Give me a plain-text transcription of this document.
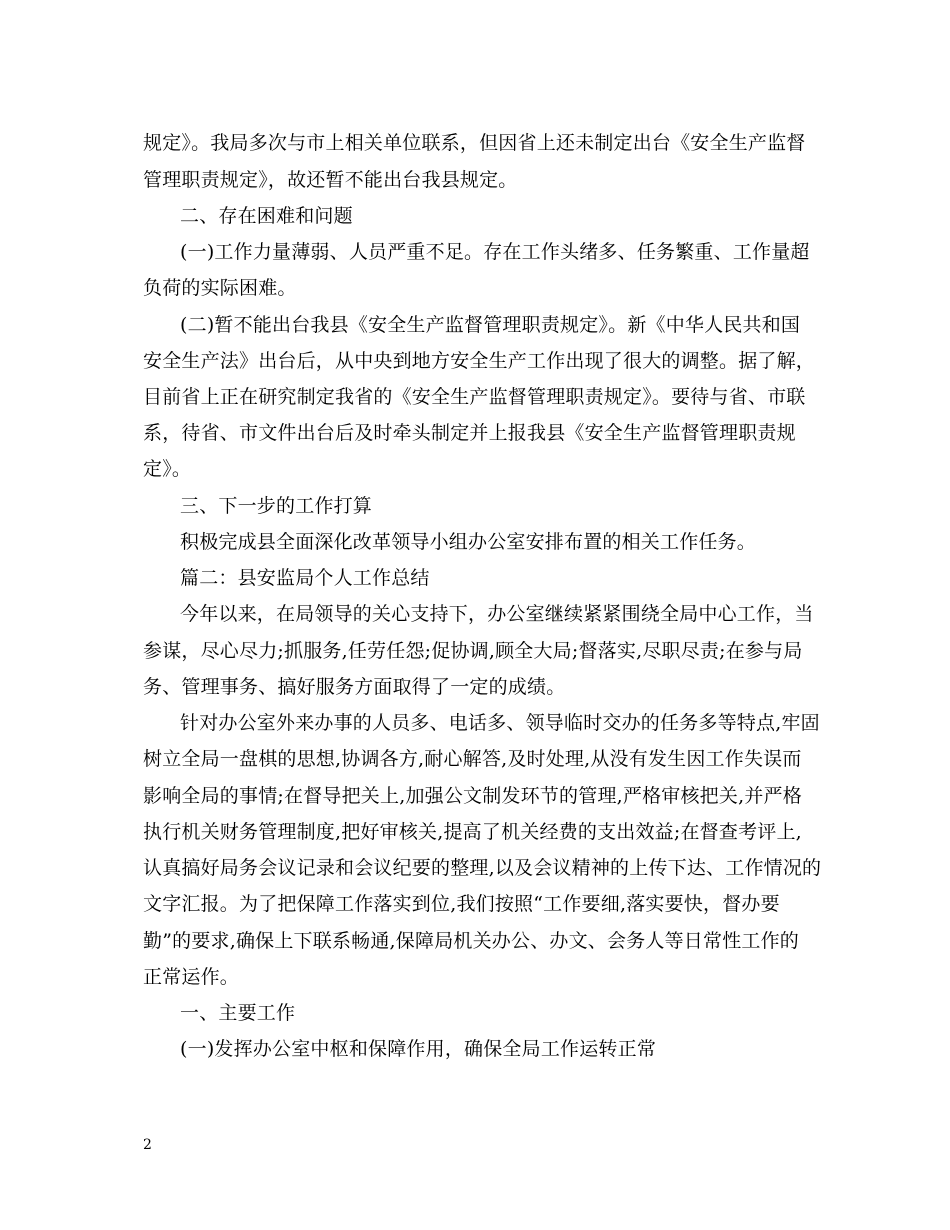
规定》。我局多次与市上相关单位联系，但因省上还未制定出台《安全生产监督
管理职责规定》，故还暂不能出台我县规定。
二、存在困难和问题
(一)工作力量薄弱、人员严重不足。存在工作头绪多、任务繁重、工作量超
负荷的实际困难。
(二)暂不能出台我县《安全生产监督管理职责规定》。新《中华人民共和国
安全生产法》出台后，从中央到地方安全生产工作出现了很大的调整。据了解，
目前省上正在研究制定我省的《安全生产监督管理职责规定》。要待与省、市联
系，待省、市文件出台后及时牵头制定并上报我县《安全生产监督管理职责规
定》。
三、下一步的工作打算
积极完成县全面深化改革领导小组办公室安排布置的相关工作任务。
篇二：县安监局个人工作总结
今年以来，在局领导的关心支持下，办公室继续紧紧围绕全局中心工作，当
参谋，尽心尽力;抓服务,任劳任怨;促协调,顾全大局;督落实,尽职尽责;在参与局
务、管理事务、搞好服务方面取得了一定的成绩。
针对办公室外来办事的人员多、电话多、领导临时交办的任务多等特点,牢固
树立全局一盘棋的思想,协调各方,耐心解答,及时处理,从没有发生因工作失误而
影响全局的事情;在督导把关上,加强公文制发环节的管理,严格审核把关,并严格
执行机关财务管理制度,把好审核关,提高了机关经费的支出效益;在督查考评上,
认真搞好局务会议记录和会议纪要的整理,以及会议精神的上传下达、工作情况的
文字汇报。为了把保障工作落实到位,我们按照“工作要细,落实要快，督办要
勤”的要求,确保上下联系畅通,保障局机关办公、办文、会务人等日常性工作的
正常运作。
一、主要工作
(一)发挥办公室中枢和保障作用，确保全局工作运转正常
2
